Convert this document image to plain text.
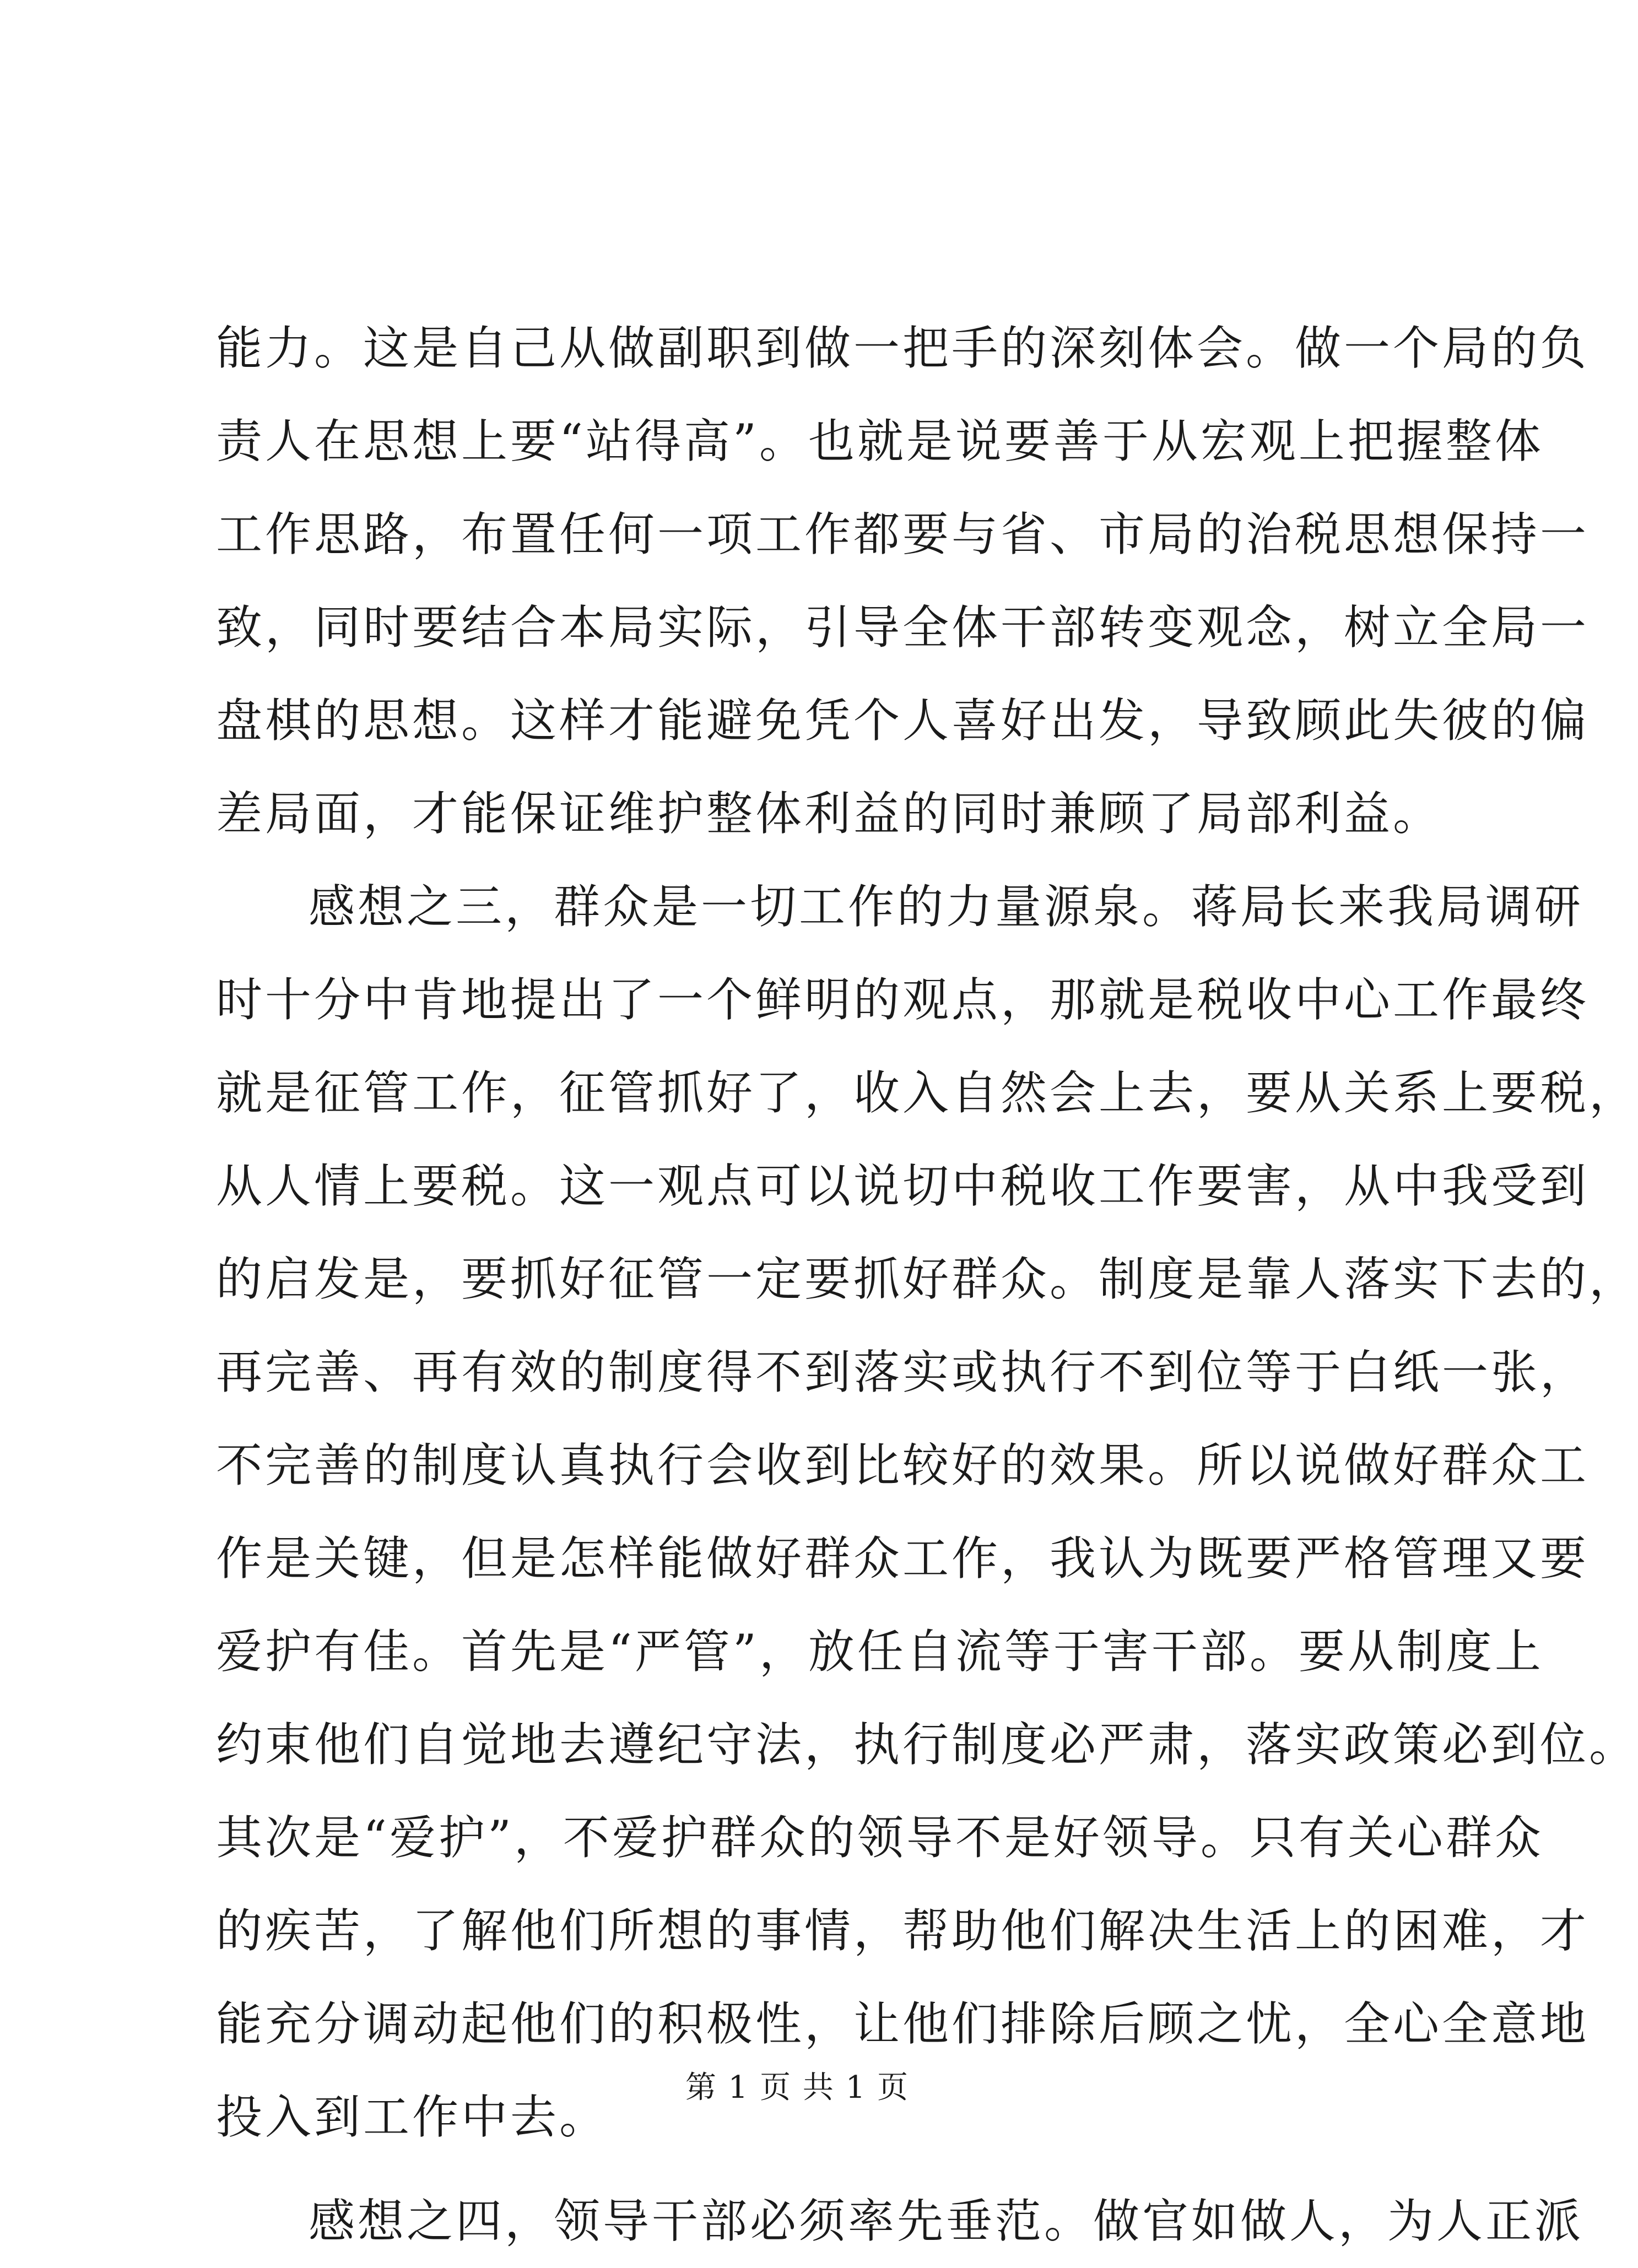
能力。这是自己从做副职到做一把手的深刻体会。做一个局的负
责人在思想上要“站得高”。也就是说要善于从宏观上把握整体
工作思路，布置任何一项工作都要与省、市局的治税思想保持一
致，同时要结合本局实际，引导全体干部转变观念，树立全局一
盘棋的思想。这样才能避免凭个人喜好出发，导致顾此失彼的偏
差局面，才能保证维护整体利益的同时兼顾了局部利益。
感想之三，群众是一切工作的力量源泉。蒋局长来我局调研
时十分中肯地提出了一个鲜明的观点，那就是税收中心工作最终
就是征管工作，征管抓好了，收入自然会上去，要从关系上要税，
从人情上要税。这一观点可以说切中税收工作要害，从中我受到
的启发是，要抓好征管一定要抓好群众。制度是靠人落实下去的，
再完善、再有效的制度得不到落实或执行不到位等于白纸一张，
不完善的制度认真执行会收到比较好的效果。所以说做好群众工
作是关键，但是怎样能做好群众工作，我认为既要严格管理又要
爱护有佳。首先是“严管”，放任自流等于害干部。要从制度上
约束他们自觉地去遵纪守法，执行制度必严肃，落实政策必到位。
其次是“爱护”，不爱护群众的领导不是好领导。只有关心群众
的疾苦，了解他们所想的事情，帮助他们解决生活上的困难，才
能充分调动起他们的积极性，让他们排除后顾之忧，全心全意地
投入到工作中去。
感想之四，领导干部必须率先垂范。做官如做人，为人正派
第 1 页 共 1 页
